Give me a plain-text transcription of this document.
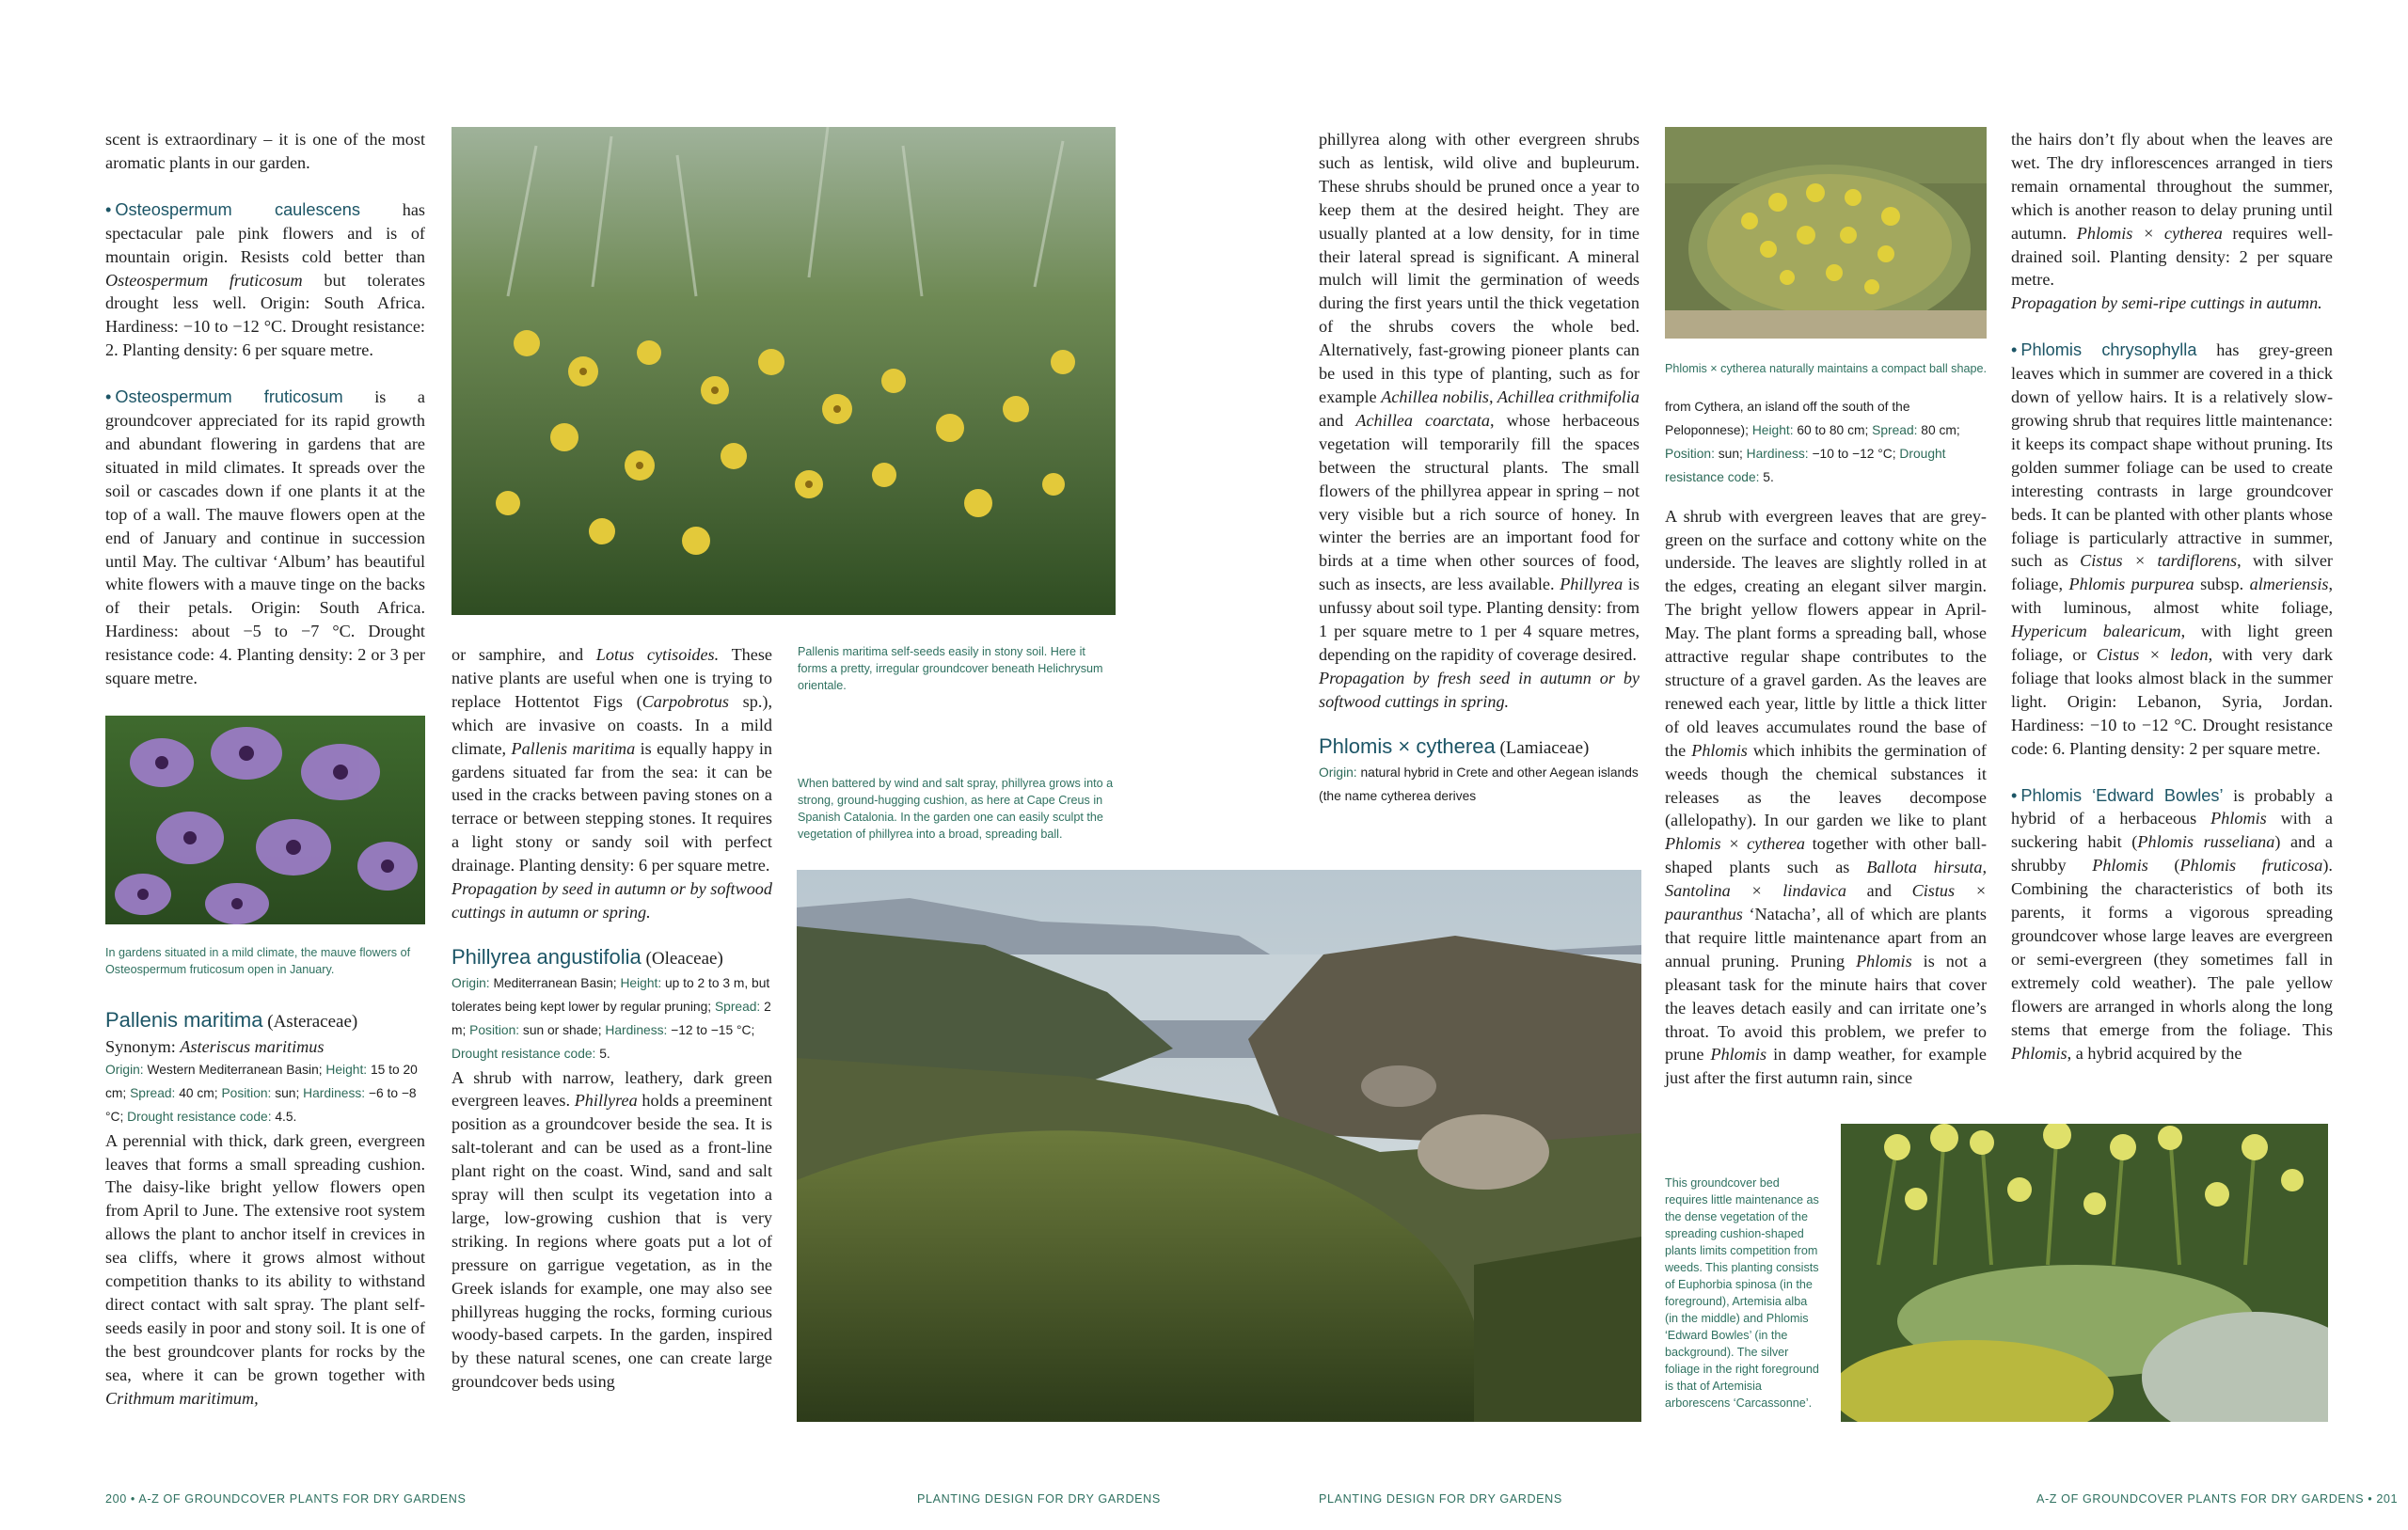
scent is extraordinary – it is one of the most aromatic plants in our garden.

• Osteospermum caulescens has spectacular pale pink flowers and is of mountain origin. Resists cold better than Osteospermum fruticosum but tolerates drought less well. Origin: South Africa. Hardiness: −10 to −12 °C. Drought resistance: 2. Planting density: 6 per square metre.

• Osteospermum fruticosum is a groundcover appreciated for its rapid growth and abundant flowering in gardens that are situated in mild climates. It spreads over the soil or cascades down if one plants it at the top of a wall. The mauve flowers open at the end of January and continue in succession until May. The cultivar ‘Album’ has beautiful white flowers with a mauve tinge on the backs of their petals. Origin: South Africa. Hardiness: about −5 to −7 °C. Drought resistance code: 4. Planting density: 2 or 3 per square metre.

In gardens situated in a mild climate, the mauve flowers of Osteospermum fruticosum open in January.

Pallenis maritima (Asteraceae)

Synonym: Asteriscus maritimus

Origin: Western Mediterranean Basin; Height: 15 to 20 cm; Spread: 40 cm; Position: sun; Hardiness: −6 to −8 °C; Drought resistance code: 4.5.

A perennial with thick, dark green, evergreen leaves that forms a small spreading cushion. The daisy-like bright yellow flowers open from April to June. The extensive root system allows the plant to anchor itself in crevices in sea cliffs, where it grows almost without competition thanks to its ability to withstand direct contact with salt spray. The plant self-seeds easily in poor and stony soil. It is one of the best groundcover plants for rocks by the sea, where it can be grown together with Crithmum maritimum,

Pallenis maritima self-seeds easily in stony soil. Here it forms a pretty, irregular groundcover beneath Helichrysum orientale.

or samphire, and Lotus cytisoides. These native plants are useful when one is trying to replace Hottentot Figs (Carpobrotus sp.), which are invasive on coasts. In a mild climate, Pallenis maritima is equally happy in gardens situated far from the sea: it can be used in the cracks between paving stones on a terrace or between stepping stones. It requires a light stony or sandy soil with perfect drainage. Planting density: 6 per square metre.

Propagation by seed in autumn or by softwood cuttings in autumn or spring.

Phillyrea angustifolia (Oleaceae)

Origin: Mediterranean Basin; Height: up to 2 to 3 m, but tolerates being kept lower by regular pruning; Spread: 2 m; Position: sun or shade; Hardiness: −12 to −15 °C; Drought resistance code: 5.

A shrub with narrow, leathery, dark green evergreen leaves. Phillyrea holds a preeminent position as a groundcover beside the sea. It is salt-tolerant and can be used as a front-line plant right on the coast. Wind, sand and salt spray will then sculpt its vegetation into a large, low-growing cushion that is very striking. In regions where goats put a lot of pressure on garrigue vegetation, as in the Greek islands for example, one may also see phillyreas hugging the rocks, forming curious woody-based carpets. In the garden, inspired by these natural scenes, one can create large groundcover beds using

When battered by wind and salt spray, phillyrea grows into a strong, ground-hugging cushion, as here at Cape Creus in Spanish Catalonia. In the garden one can easily sculpt the vegetation of phillyrea into a broad, spreading ball.

phillyrea along with other evergreen shrubs such as lentisk, wild olive and bupleurum. These shrubs should be pruned once a year to keep them at the desired height. They are usually planted at a low density, for in time their lateral spread is significant. A mineral mulch will limit the germination of weeds during the first years until the thick vegetation of the shrubs covers the whole bed. Alternatively, fast-growing pioneer plants can be used in this type of planting, such as for example Achillea nobilis, Achillea crithmifolia and Achillea coarctata, whose herbaceous vegetation will temporarily fill the spaces between the structural plants. The small flowers of the phillyrea appear in spring – not very visible but a rich source of honey. In winter the berries are an important food for birds at a time when other sources of food, such as insects, are less available. Phillyrea is unfussy about soil type. Planting density: from 1 per square metre to 1 per 4 square metres, depending on the rapidity of coverage desired.

Propagation by fresh seed in autumn or by softwood cuttings in spring.

Phlomis × cytherea (Lamiaceae)

Origin: natural hybrid in Crete and other Aegean islands (the name cytherea derives

Phlomis × cytherea naturally maintains a compact ball shape.

from Cythera, an island off the south of the Peloponnese); Height: 60 to 80 cm; Spread: 80 cm; Position: sun; Hardiness: −10 to −12 °C; Drought resistance code: 5.

A shrub with evergreen leaves that are grey-green on the surface and cottony white on the underside. The leaves are slightly rolled in at the edges, creating an elegant silver margin. The bright yellow flowers appear in April-May. The plant forms a spreading ball, whose attractive regular shape contributes to the structure of a gravel garden. As the leaves are renewed each year, little by little a thick litter of old leaves accumulates round the base of the Phlomis which inhibits the germination of weeds though the chemical substances it releases as the leaves decompose (allelopathy). In our garden we like to plant Phlomis × cytherea together with other ball-shaped plants such as Ballota hirsuta, Santolina × lindavica and Cistus × pauranthus ‘Natacha’, all of which are plants that require little maintenance apart from an annual pruning. Pruning Phlomis is not a pleasant task for the minute hairs that cover the leaves detach easily and can irritate one’s throat. To avoid this problem, we prefer to prune Phlomis in damp weather, for example just after the first autumn rain, since

the hairs don’t fly about when the leaves are wet. The dry inflorescences arranged in tiers remain ornamental throughout the summer, which is another reason to delay pruning until autumn. Phlomis × cytherea requires well-drained soil. Planting density: 2 per square metre.

Propagation by semi-ripe cuttings in autumn.

• Phlomis chrysophylla has grey-green leaves which in summer are covered in a thick down of yellow hairs. It is a relatively slow-growing shrub that requires little maintenance: it keeps its compact shape without pruning. Its golden summer foliage can be used to create interesting contrasts in large groundcover beds. It can be planted with other plants whose foliage is particularly attractive in summer, such as Cistus × tardiflorens, with silver foliage, Phlomis purpurea subsp. almeriensis, with luminous, almost white foliage, Hypericum balearicum, with light green foliage, or Cistus × ledon, with very dark foliage that looks almost black in the summer light. Origin: Lebanon, Syria, Jordan. Hardiness: −10 to −12 °C. Drought resistance code: 6. Planting density: 2 per square metre.

• Phlomis ‘Edward Bowles’ is probably a hybrid of a herbaceous Phlomis with a suckering habit (Phlomis russeliana) and a shrubby Phlomis (Phlomis fruticosa). Combining the characteristics of both its parents, it forms a vigorous spreading groundcover whose large leaves are evergreen or semi-evergreen (they sometimes fall in extremely cold weather). The pale yellow flowers are arranged in whorls along the long stems that emerge from the foliage. This Phlomis, a hybrid acquired by the

This groundcover bed requires little maintenance as the dense vegetation of the spreading cushion-shaped plants limits competition from weeds. This planting consists of Euphorbia spinosa (in the foreground), Artemisia alba (in the middle) and Phlomis ‘Edward Bowles’ (in the background). The silver foliage in the right foreground is that of Artemisia arborescens ‘Carcassonne’.
200 • A-Z OF GROUNDCOVER PLANTS FOR DRY GARDENS	PLANTING DESIGN FOR DRY GARDENS	PLANTING DESIGN FOR DRY GARDENS	A-Z OF GROUNDCOVER PLANTS FOR DRY GARDENS • 201
